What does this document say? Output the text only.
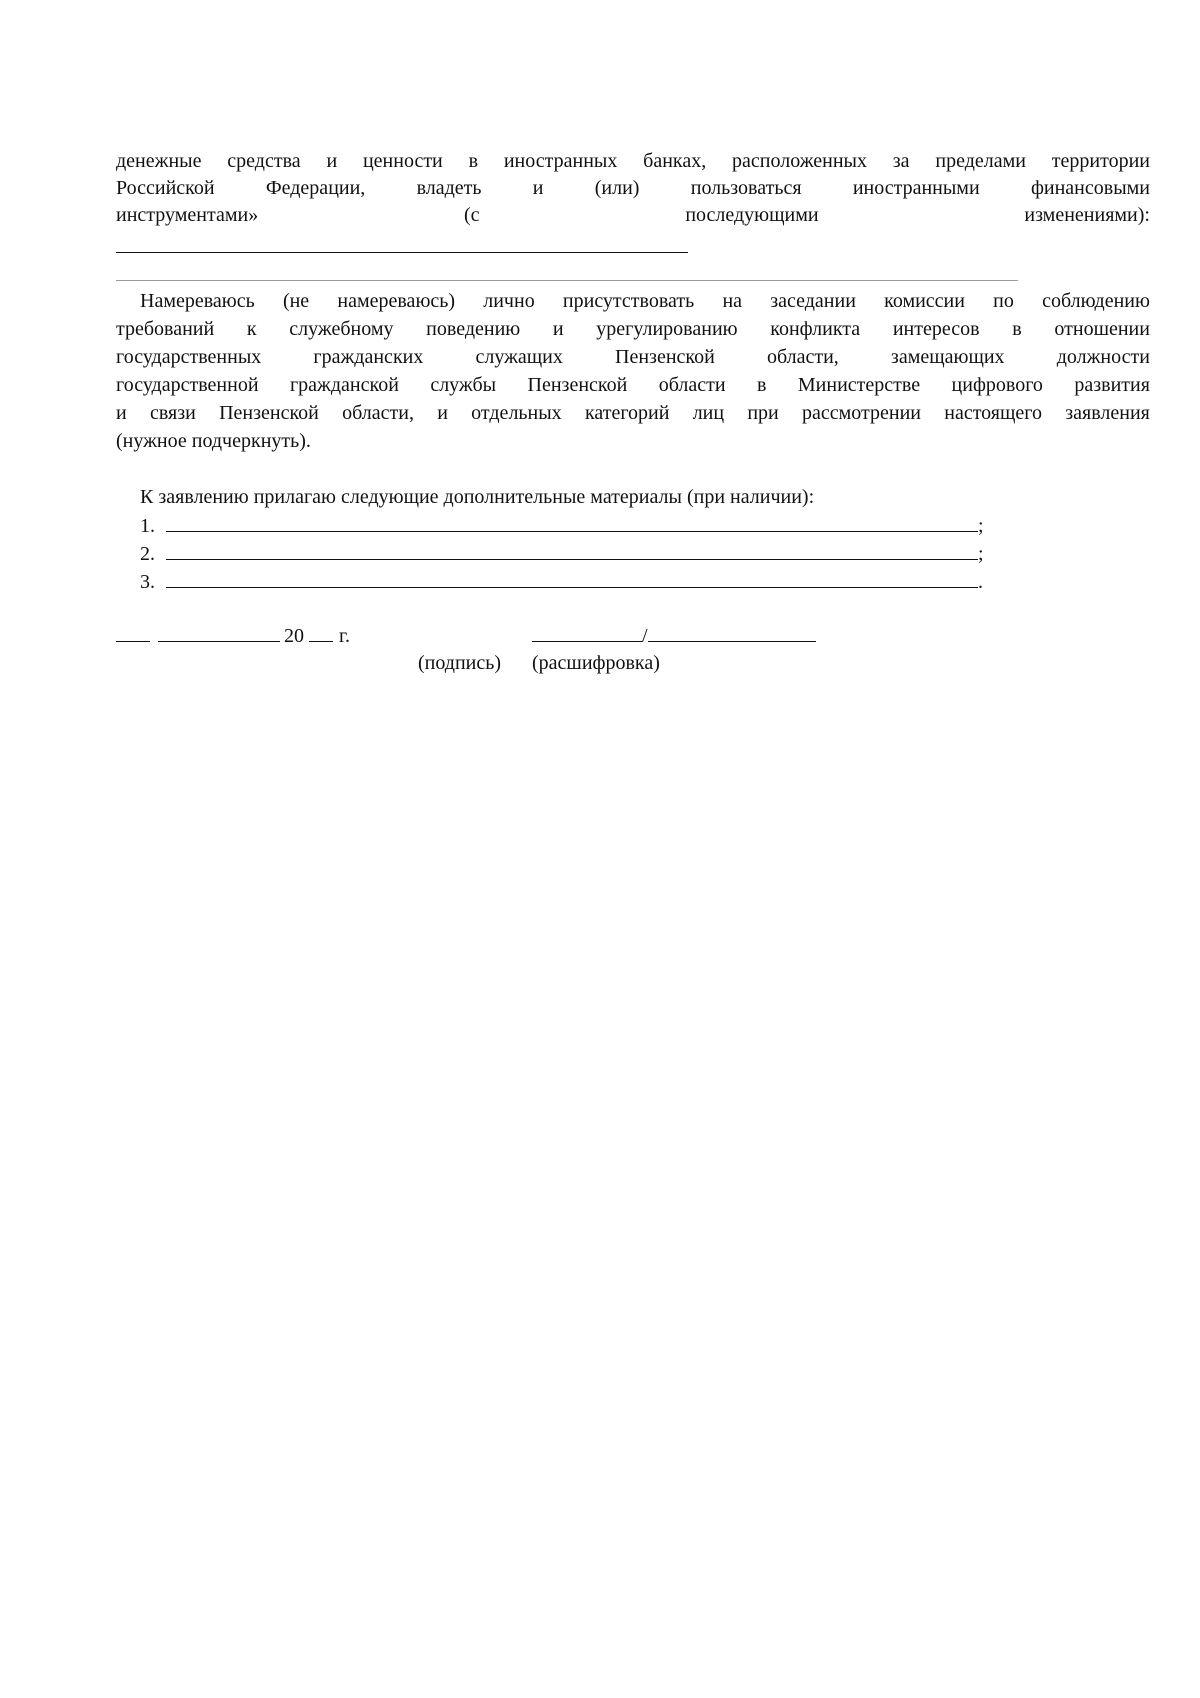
денежные средства и ценности в иностранных банках, расположенных за пределами территории
Российской	Федерации,	владеть	и	(или)	пользоваться	иностранными	финансовыми
инструментами»	(с	последующими	изменениями):
Намереваюсь (не намереваюсь) лично присутствовать на заседании комиссии по соблюдению
требований к служебному поведению и урегулированию конфликта интересов в отношении
государственных	гражданских	служащих	Пензенской	области,	замещающих	должности
государственной гражданской службы Пензенской области в Министерстве цифрового развития
и связи Пензенской области, и отдельных категорий лиц при рассмотрении настоящего заявления
(нужное подчеркнуть).
К заявлению прилагаю следующие дополнительные материалы (при наличии):
1.	;
2.	;
3.	.
20 г.	/
(подпись) (расшифровка)
